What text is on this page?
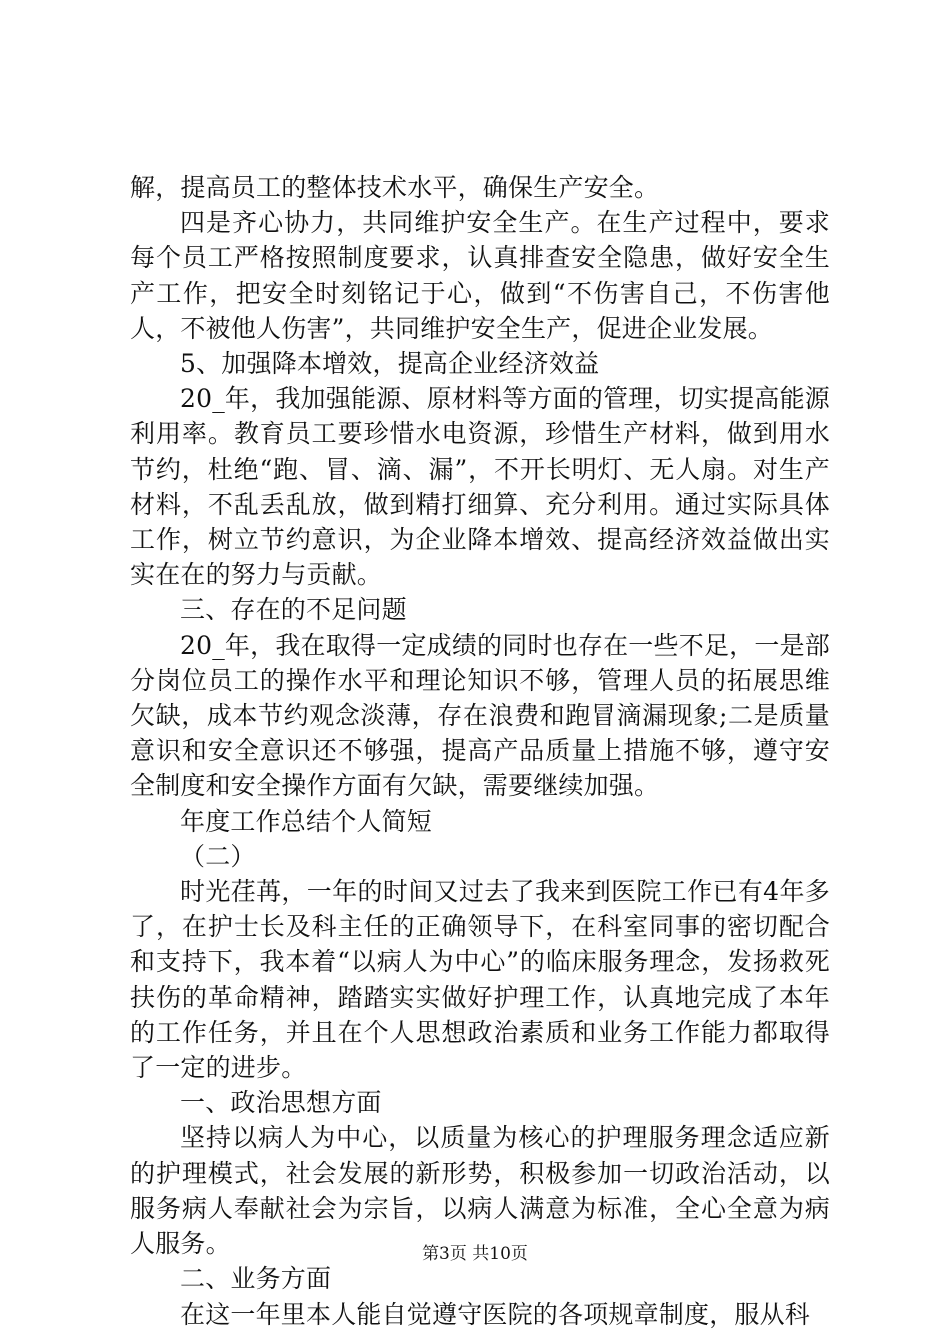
解，提高员工的整体技术水平，确保生产安全。

四是齐心协力，共同维护安全生产。在生产过程中，要求每个员工严格按照制度要求，认真排查安全隐患，做好安全生产工作，把安全时刻铭记于心，做到“不伤害自己，不伤害他人，不被他人伤害”，共同维护安全生产，促进企业发展。

5、加强降本增效，提高企业经济效益

20_年，我加强能源、原材料等方面的管理，切实提高能源利用率。教育员工要珍惜水电资源，珍惜生产材料，做到用水节约，杜绝“跑、冒、滴、漏”，不开长明灯、无人扇。对生产材料，不乱丢乱放，做到精打细算、充分利用。通过实际具体工作，树立节约意识，为企业降本增效、提高经济效益做出实实在在的努力与贡献。

三、存在的不足问题

20_年，我在取得一定成绩的同时也存在一些不足，一是部分岗位员工的操作水平和理论知识不够，管理人员的拓展思维欠缺，成本节约观念淡薄，存在浪费和跑冒滴漏现象;二是质量意识和安全意识还不够强，提高产品质量上措施不够，遵守安全制度和安全操作方面有欠缺，需要继续加强。

年度工作总结个人简短

（二）

时光荏苒，一年的时间又过去了我来到医院工作已有4年多了，在护士长及科主任的正确领导下，在科室同事的密切配合和支持下，我本着“以病人为中心”的临床服务理念，发扬救死扶伤的革命精神，踏踏实实做好护理工作，认真地完成了本年的工作任务，并且在个人思想政治素质和业务工作能力都取得了一定的进步。

一、政治思想方面

坚持以病人为中心，以质量为核心的护理服务理念适应新的护理模式，社会发展的新形势，积极参加一切政治活动，以服务病人奉献社会为宗旨，以病人满意为标准，全心全意为病人服务。

二、业务方面

在这一年里本人能自觉遵守医院的各项规章制度，服从科

第3页 共10页
